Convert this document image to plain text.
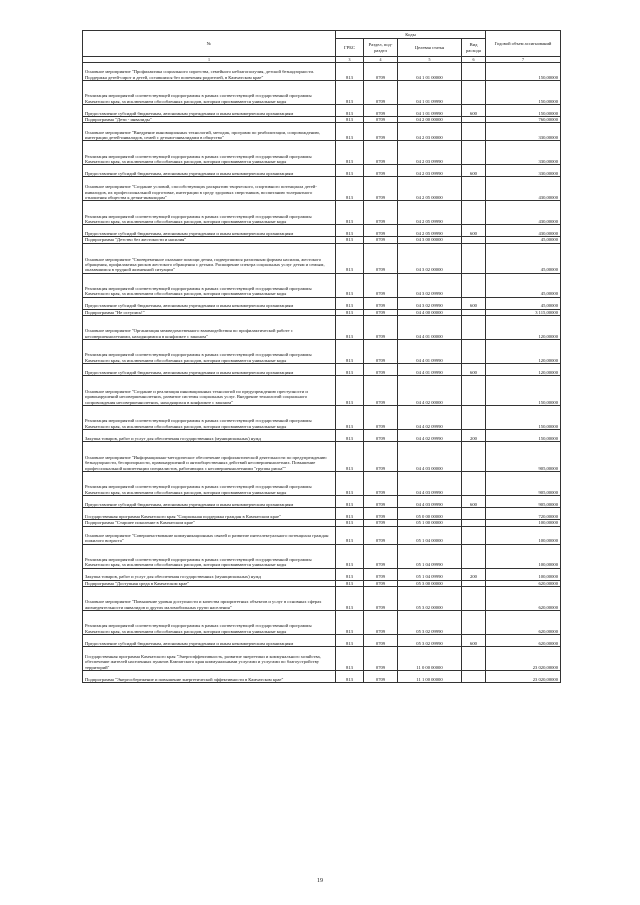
№	Коды				Годовой объем ассигнований
	ГРБС	Раздел, под-раздел	Целевая статья	Вид расхода	
1	3	4	5	6	7
Основное мероприятие "Профилактика социального сиротства, семейного неблагополучия, детской безнадзорности. Поддержка детей-сирот и детей, оставшихся без попечения родителей, в Камчатском крае"	813	0709	04 1 01 00000		150,00000
Реализация мероприятий соответствующей подпрограммы в рамках соответствующей государственной программы Камчатского края, за исключением обособленных расходов, которым присваиваются уникальные коды	813	0709	04 1 01 09990		150,00000
Предоставление субсидий бюджетным, автономным учреждениям и иным некоммерческим организациям	813	0709	04 1 01 09990	600	150,00000
Подпрограмма "Дети - инвалиды"	813	0709	04 2 00 00000		760,00000
Основное мероприятие "Внедрение инновационных технологий, методик, программ по реабилитации, сопровождению, интеграции детей-инвалидов, семей с детьми-инвалидами в общество"	813	0709	04 2 03 00000		330,00000
Реализация мероприятий соответствующей подпрограммы в рамках соответствующей государственной программы Камчатского края, за исключением обособленных расходов, которым присваиваются уникальные коды	813	0709	04 2 03 09990		330,00000
Предоставление субсидий бюджетным, автономным учреждениям и иным некоммерческим организациям	813	0709	04 2 03 09990	600	330,00000
Основное мероприятие "Создание условий, способствующих раскрытию творческого, спортивного потенциала детей-инвалидов, их профессиональной подготовке, интеграции в среду здоровых сверстников, воспитанию толерантного отношения общества к детям-инвалидам"	813	0709	04 2 05 00000		430,00000
Реализация мероприятий соответствующей подпрограммы в рамках соответствующей государственной программы Камчатского края, за исключением обособленных расходов, которым присваиваются уникальные коды	813	0709	04 2 05 09990		430,00000
Предоставление субсидий бюджетным, автономным учреждениям и иным некоммерческим организациям	813	0709	04 2 05 09990	600	430,00000
Подпрограмма "Детство без жестокости и насилия"	813	0709	04 3 00 00000		45,00000
Основное мероприятие "Своевременное оказание помощи детям, подвергшимся различным формам насилия, жестокого обращения, профилактика рисков жестокого обращения с детьми. Расширение спектра социальных услуг детям и семьям, оказавшимся в трудной жизненной ситуации"	813	0709	04 3 02 00000		45,00000
Реализация мероприятий соответствующей подпрограммы в рамках соответствующей государственной программы Камчатского края, за исключением обособленных расходов, которым присваиваются уникальные коды	813	0709	04 3 02 09990		45,00000
Предоставление субсидий бюджетным, автономным учреждениям и иным некоммерческим организациям	813	0709	04 3 02 09990	600	45,00000
Подпрограмма "Не оступись!"	813	0709	04 4 00 00000		3 115,00000
Основное мероприятие "Организация межведомственного взаимодействия по профилактической работе с несовершеннолетними, находящимися в конфликте с законом"	813	0709	04 4 01 00000		120,00000
Реализация мероприятий соответствующей подпрограммы в рамках соответствующей государственной программы Камчатского края, за исключением обособленных расходов, которым присваиваются уникальные коды	813	0709	04 4 01 09990		120,00000
Предоставление субсидий бюджетным, автономным учреждениям и иным некоммерческим организациям	813	0709	04 4 01 09990	600	120,00000
Основное мероприятие "Создание и реализация инновационных технологий по предупреждению преступности и правонарушений несовершеннолетних, развитие системы социальных услуг. Внедрение технологий социального сопровождения несовершеннолетних, находящихся в конфликте с законом"	813	0709	04 4 02 00000		150,00000
Реализация мероприятий соответствующей подпрограммы в рамках соответствующей государственной программы Камчатского края, за исключением обособленных расходов, которым присваиваются уникальные коды	813	0709	04 4 02 09990		150,00000
Закупка товаров, работ и услуг для обеспечения государственных (муниципальных) нужд	813	0709	04 4 02 09990	200	150,00000
Основное мероприятие "Информационно-методическое обеспечение профилактической деятельности по предупреждению безнадзорности, беспризорности, правонарушений и антиобщественных действий несовершеннолетних. Повышение профессиональной компетенции специалистов, работающих с несовершеннолетними "группы риска""	813	0709	04 4 03 00000		905,00000
Реализация мероприятий соответствующей подпрограммы в рамках соответствующей государственной программы Камчатского края, за исключением обособленных расходов, которым присваиваются уникальные коды	813	0709	04 4 03 09990		905,00000
Предоставление субсидий бюджетным, автономным учреждениям и иным некоммерческим организациям	813	0709	04 4 03 09990	600	905,00000
Государственная программа Камчатского края "Социальная поддержка граждан в Камчатском крае"	813	0709	05 0 00 00000		720,00000
Подпрограмма "Старшее поколение в Камчатском крае"	813	0709	05 1 00 00000		100,00000
Основное мероприятие "Совершенствование коммуникационных связей и развитие интеллектуального потенциала граждан пожилого возраста"	813	0709	05 1 04 00000		100,00000
Реализация мероприятий соответствующей подпрограммы в рамках соответствующей государственной программы Камчатского края, за исключением обособленных расходов, которым присваиваются уникальные коды	813	0709	05 1 04 09990		100,00000
Закупка товаров, работ и услуг для обеспечения государственных (муниципальных) нужд	813	0709	05 1 04 09990	200	100,00000
Подпрограмма "Доступная среда в Камчатском крае"	813	0709	05 3 00 00000		620,00000
Основное мероприятие "Повышение уровня доступности и качества приоритетных объектов и услуг в основных сферах жизнедеятельности инвалидов и других маломобильных групп населения"	813	0709	05 3 02 00000		620,00000
Реализация мероприятий соответствующей подпрограммы в рамках соответствующей государственной программы Камчатского края, за исключением обособленных расходов, которым присваиваются уникальные коды	813	0709	05 3 02 09990		620,00000
Предоставление субсидий бюджетным, автономным учреждениям и иным некоммерческим организациям	813	0709	05 3 02 09990	600	620,00000
Государственная программа Камчатского края "Энергоэффективность, развитие энергетики и коммунального хозяйства, обеспечение жителей населенных пунктов Камчатского края коммунальными услугами и услугами по благоустройству территорий"	813	0709	11 0 00 00000		23 020,00000
Подпрограмма "Энергосбережение и повышение энергетической эффективности в Камчатском крае"	813	0709	11 1 00 00000		23 020,00000
19
